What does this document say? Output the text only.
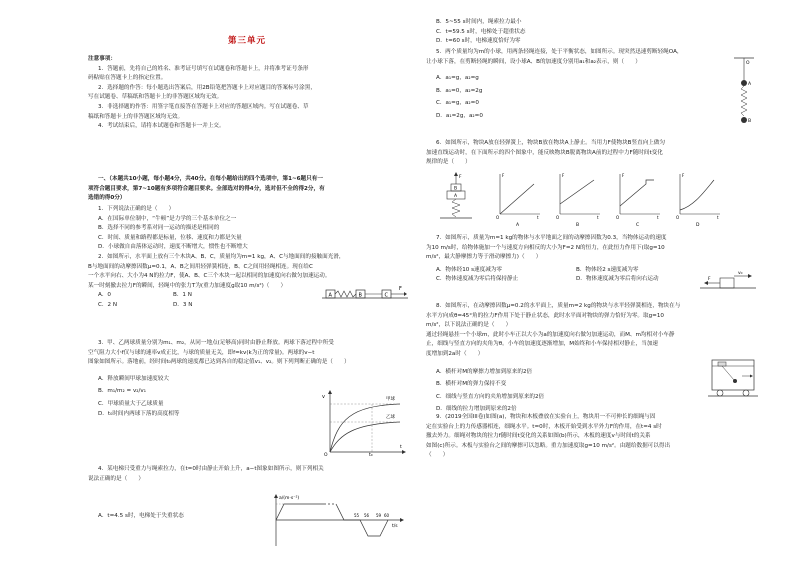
第三单元
注意事项：
1．答题前，先将自己的姓名、准考证号填写在试题卷和答题卡上，并将准考证号条形
码粘贴在答题卡上的指定位置。
2．选择题的作答：每小题选出答案后，用2B铅笔把答题卡上对应题目的答案标号涂黑，
写在试题卷、草稿纸和答题卡上的非答题区域均无效。
3．非选择题的作答：用签字笔直接答在答题卡上对应的答题区域内。写在试题卷、草
稿纸和答题卡上的非答题区域均无效。
4．考试结束后，请将本试题卷和答题卡一并上交。
一、（本题共10小题，每小题4分，共40分。在每小题给出的四个选项中，第1~6题只有一
项符合题目要求，第7~10题有多项符合题目要求。全部选对的得4分，选对但不全的得2分，有
选错的得0分）
1．下列说法正确的是（　　）
A．在国际单位制中，“牛顿”是力学的三个基本单位之一
B．选择不同的参考系对同一运动的描述是相同的
C．时间、质量和路程都是标量，位移、速度和力都是矢量
D．小球做自由落体运动时，速度不断增大，惯性也不断增大
2．如图所示，水平面上放有三个木块A、B、C，质量均为m=1 kg，A、C与地面间的接触面光滑，
B与地面间的动摩擦因数μ=0.1，A、B之间用轻弹簧相连，B、C之间用轻绳相连。现在给C
一个水平向右、大小为4 N的拉力F，使A、B、C三个木块一起以相同的加速度向右做匀加速运动。
某一时刻撤去拉力F的瞬间，轻绳中的张力T为(重力加速度g取10 m/s²)（　　）
A．0	B．1 N
C．2 N	D．3 N
A	B	C
F
3．甲、乙两球质量分别为m₁、m₂，从同一地点(足够高)同时由静止释放。两球下落过程中所受
空气阻力大小f仅与球的速率v成正比，与球的质量无关，即f=kv(k为正的常量)。两球的v−t
图象如图所示。落地前，经时间t₀两球的速度都已达到各自的稳定值v₁、v₂。则下列判断正确的是（　　）
A．释放瞬间甲球加速度较大
B．m₁/m₂ = v₂/v₁
C．甲球质量大于乙球质量
D．t₀时间内两球下落的高度相等
v	甲球
乙球
O	t₀
t
4．某电梯只受重力与绳索拉力，在t=0时由静止开始上升，a−t图象如图所示，则下列相关
说法正确的是（　　）
A．t=4.5 s时，电梯处于失重状态
a/(m·s⁻²)
55 56 59 60
t/s
B．5~55 s时间内，绳索拉力最小
C．t=59.5 s时，电梯处于超重状态
D．t=60 s时，电梯速度恰好为零
5．两个质量均为m的小球，用两条轻绳连接，处于平衡状态，如图所示。现突然迅速剪断轻绳OA，
让小球下落，在剪断轻绳的瞬间，设小球A、B的加速度分别用a₁和a₂表示，则（　　）
A．a₁=g，a₂=g
B．a₁=0，a₂=2g
C．a₁=g，a₂=0
D．a₁=2g，a₂=0
O
A
B
6．如图所示，物块A放在轻弹簧上，物块B放在物块A上静止。当用力F使物块B竖直向上做匀
加速直线运动时，在下面所示的四个图象中，能反映物块B脱离物块A前的过程中力F随时间t变化
规律的是（　　）
F
B
A
F
t
O
A
F
t
O
B
F
t
O
C
F
t
O
D
7．如图所示，质量为m=1 kg的物体与水平地面之间的动摩擦因数为0.3，当物体运动的速度
为10 m/s时，给物体施加一个与速度方向相反的大小为F=2 N的恒力，在此恒力作用下(取g=10
m/s²，最大静摩擦力等于滑动摩擦力)（　　）
A．物体经10 s速度减为零	B．物体经2 s速度减为零
C．物体速度减为零后将保持静止	D．物体速度减为零后将向右运动	F
v₀
8．如图所示，在动摩擦因数μ=0.2的水平面上，质量m=2 kg的物块与水平轻弹簧相连，物块在与
水平方向成θ=45°角的拉力F作用下处于静止状态，此时水平面对物块的弹力恰好为零。取g=10
m/s²，以下说法正确的是（　　）
通过轻绳悬挂一个小球m，此时小车正以大小为a的加速度向右做匀加速运动，而M、m均相对小车静
止，细线与竖直方向的夹角为θ。小车的加速度逐渐增加，M始终和小车保持相对静止，当加速
度增加到2a时（　　）
A．横杆对M的摩擦力增加到原来的2倍
B．横杆对M的弹力保持不变
C．细线与竖直方向的夹角增加到原来的2倍
D．细线的拉力增加到原来的2倍
9．(2019全国III卷)如图(a)，物块和木板叠放在实验台上，物块用一不可伸长的细绳与固
定在实验台上的力传感器相连，细绳水平。t=0时，木板开始受到水平外力F的作用，在t=4 s时
撤去外力。细绳对物块的拉力f随时间t变化的关系如图(b)所示，木板的速度v与时间t的关系
如图(c)所示。木板与实验台之间的摩擦可以忽略。重力加速度取g=10 m/s²。由题给数据可以得出
（　　）
